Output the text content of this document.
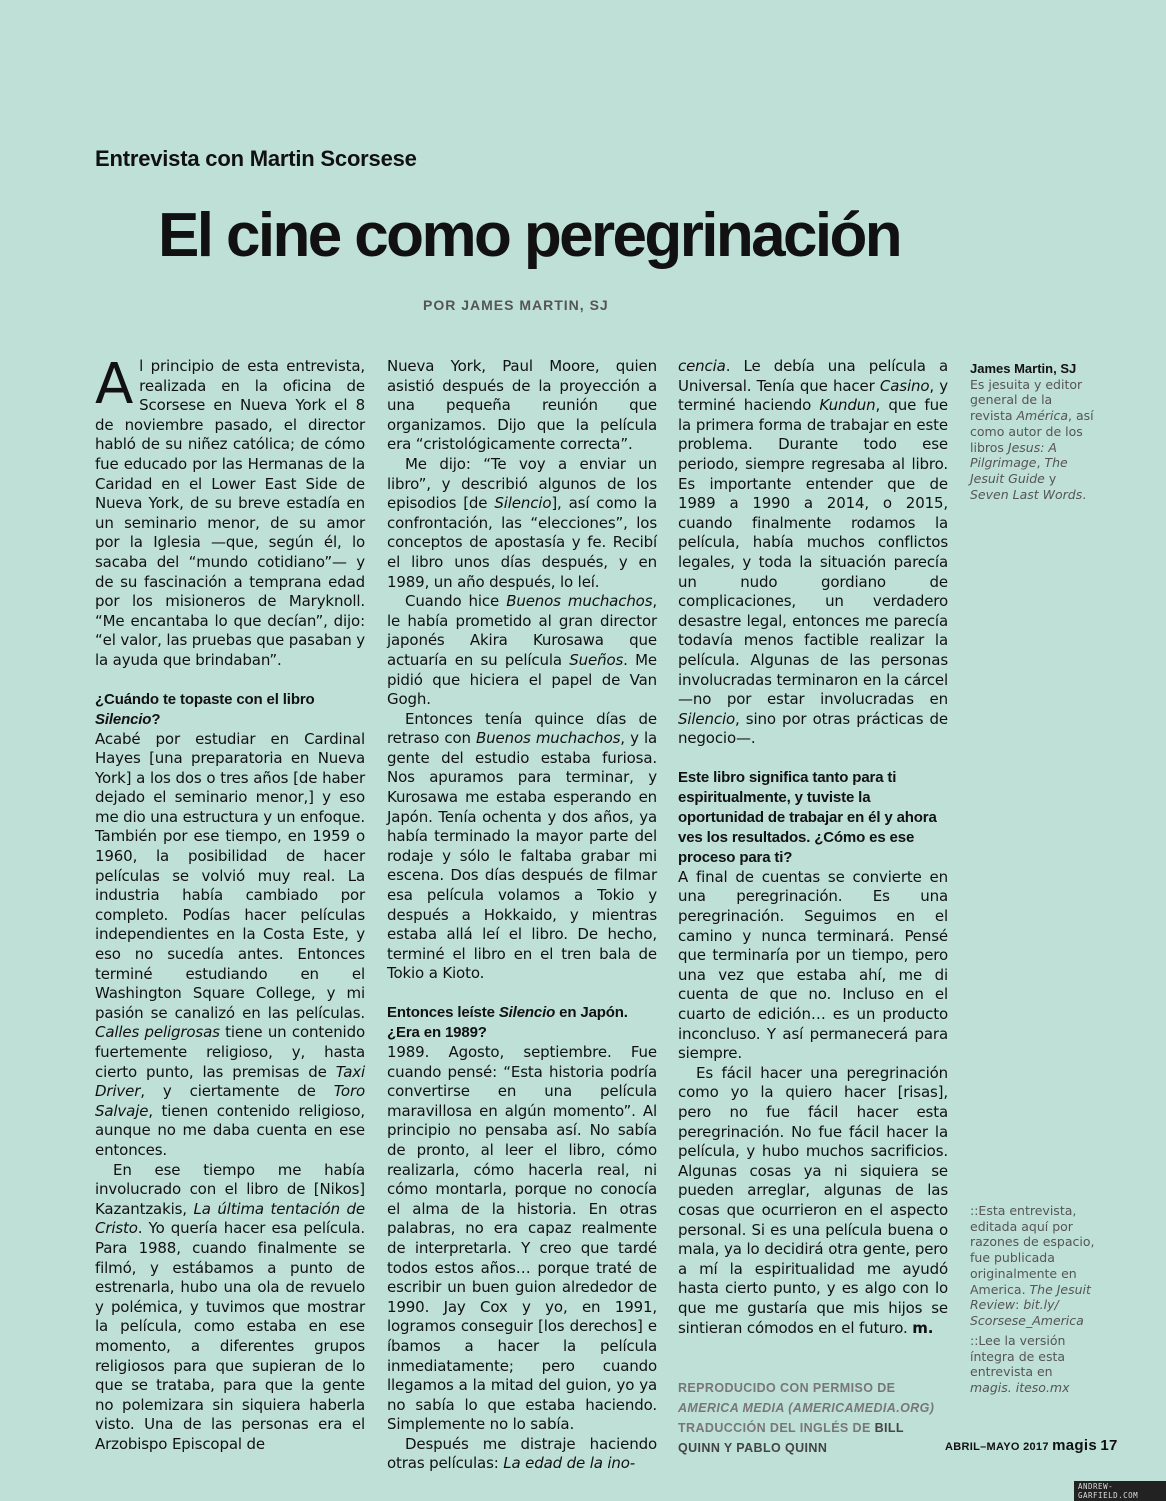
Entrevista con Martin Scorsese
El cine como peregrinación
POR JAMES MARTIN, SJ

Al principio de esta entrevista, realizada en la oficina de Scorsese en Nueva York el 8 de noviembre pasado, el director habló de su niñez católica; de cómo fue educado por las Hermanas de la Caridad en el Lower East Side de Nueva York, de su breve estadía en un seminario menor, de su amor por la Iglesia —que, según él, lo sacaba del “mundo cotidiano”— y de su fascinación a temprana edad por los misioneros de Maryknoll. “Me encantaba lo que decían”, dijo: “el valor, las pruebas que pasaban y la ayuda que brindaban”.

¿Cuándo te topaste con el libro Silencio?

Acabé por estudiar en Cardinal Hayes [una preparatoria en Nueva York] a los dos o tres años [de haber dejado el seminario menor,] y eso me dio una estructura y un enfoque. También por ese tiempo, en 1959 o 1960, la posibilidad de hacer películas se volvió muy real. La industria había cambiado por completo. Podías hacer películas independientes en la Costa Este, y eso no sucedía antes. Entonces terminé estudiando en el Washington Square College, y mi pasión se canalizó en las películas. Calles peligrosas tiene un contenido fuertemente religioso, y, hasta cierto punto, las premisas de Taxi Driver, y ciertamente de Toro Salvaje, tienen contenido religioso, aunque no me daba cuenta en ese entonces.

En ese tiempo me había involucrado con el libro de [Nikos] Kazantzakis, La última tentación de Cristo. Yo quería hacer esa película. Para 1988, cuando finalmente se filmó, y estábamos a punto de estrenarla, hubo una ola de revuelo y polémica, y tuvimos que mostrar la película, como estaba en ese momento, a diferentes grupos religiosos para que supieran de lo que se trataba, para que la gente no polemizara sin siquiera haberla visto. Una de las personas era el Arzobispo Episcopal de

Nueva York, Paul Moore, quien asistió después de la proyección a una pequeña reunión que organizamos. Dijo que la película era “cristológicamente correcta”.

Me dijo: “Te voy a enviar un libro”, y describió algunos de los episodios [de Silencio], así como la confrontación, las “elecciones”, los conceptos de apostasía y fe. Recibí el libro unos días después, y en 1989, un año después, lo leí.

Cuando hice Buenos muchachos, le había prometido al gran director japonés Akira Kurosawa que actuaría en su película Sueños. Me pidió que hiciera el papel de Van Gogh.

Entonces tenía quince días de retraso con Buenos muchachos, y la gente del estudio estaba furiosa. Nos apuramos para terminar, y Kurosawa me estaba esperando en Japón. Tenía ochenta y dos años, ya había terminado la mayor parte del rodaje y sólo le faltaba grabar mi escena. Dos días después de filmar esa película volamos a Tokio y después a Hokkaido, y mientras estaba allá leí el libro. De hecho, terminé el libro en el tren bala de Tokio a Kioto.

Entonces leíste Silencio en Japón. ¿Era en 1989?

1989. Agosto, septiembre. Fue cuando pensé: “Esta historia podría convertirse en una película maravillosa en algún momento”. Al principio no pensaba así. No sabía de pronto, al leer el libro, cómo realizarla, cómo hacerla real, ni cómo montarla, porque no conocía el alma de la historia. En otras palabras, no era capaz realmente de interpretarla. Y creo que tardé todos estos años… porque traté de escribir un buen guion alrededor de 1990. Jay Cox y yo, en 1991, logramos conseguir [los derechos] e íbamos a hacer la película inmediatamente; pero cuando llegamos a la mitad del guion, yo ya no sabía lo que estaba haciendo. Simplemente no lo sabía.

Después me distraje haciendo otras películas: La edad de la ino-

cencia. Le debía una película a Universal. Tenía que hacer Casino, y terminé haciendo Kundun, que fue la primera forma de trabajar en este problema. Durante todo ese periodo, siempre regresaba al libro. Es importante entender que de 1989 a 1990 a 2014, o 2015, cuando finalmente rodamos la película, había muchos conflictos legales, y toda la situación parecía un nudo gordiano de complicaciones, un verdadero desastre legal, entonces me parecía todavía menos factible realizar la película. Algunas de las personas involucradas terminaron en la cárcel —no por estar involucradas en Silencio, sino por otras prácticas de negocio—.

Este libro significa tanto para ti espiritualmente, y tuviste la oportunidad de trabajar en él y ahora ves los resultados. ¿Cómo es ese proceso para ti?

A final de cuentas se convierte en una peregrinación. Es una peregrinación. Seguimos en el camino y nunca terminará. Pensé que terminaría por un tiempo, pero una vez que estaba ahí, me di cuenta de que no. Incluso en el cuarto de edición… es un producto inconcluso. Y así permanecerá para siempre.

Es fácil hacer una peregrinación como yo la quiero hacer [risas], pero no fue fácil hacer esta peregrinación. No fue fácil hacer la película, y hubo muchos sacrificios. Algunas cosas ya ni siquiera se pueden arreglar, algunas de las cosas que ocurrieron en el aspecto personal. Si es una película buena o mala, ya lo decidirá otra gente, pero a mí la espiritualidad me ayudó hasta cierto punto, y es algo con lo que me gustaría que mis hijos se sintieran cómodos en el futuro. m.

REPRODUCIDO CON PERMISO DE AMERICA MEDIA (AMERICAMEDIA.ORG)
TRADUCCIÓN DEL INGLÉS DE BILL QUINN Y PABLO QUINN
James Martin, SJ
Es jesuita y editor general de la revista América, así como autor de los libros Jesus: A Pilgrimage, The Jesuit Guide y Seven Last Words.
::Esta entrevista, editada aquí por razones de espacio, fue publicada originalmente en America. The Jesuit Review: bit.ly/ Scorsese_America
::Lee la versión íntegra de esta entrevista en magis. iteso.mx
ABRIL–MAYO 2017 magis 17
ANDREW-GARFIELD.COM
